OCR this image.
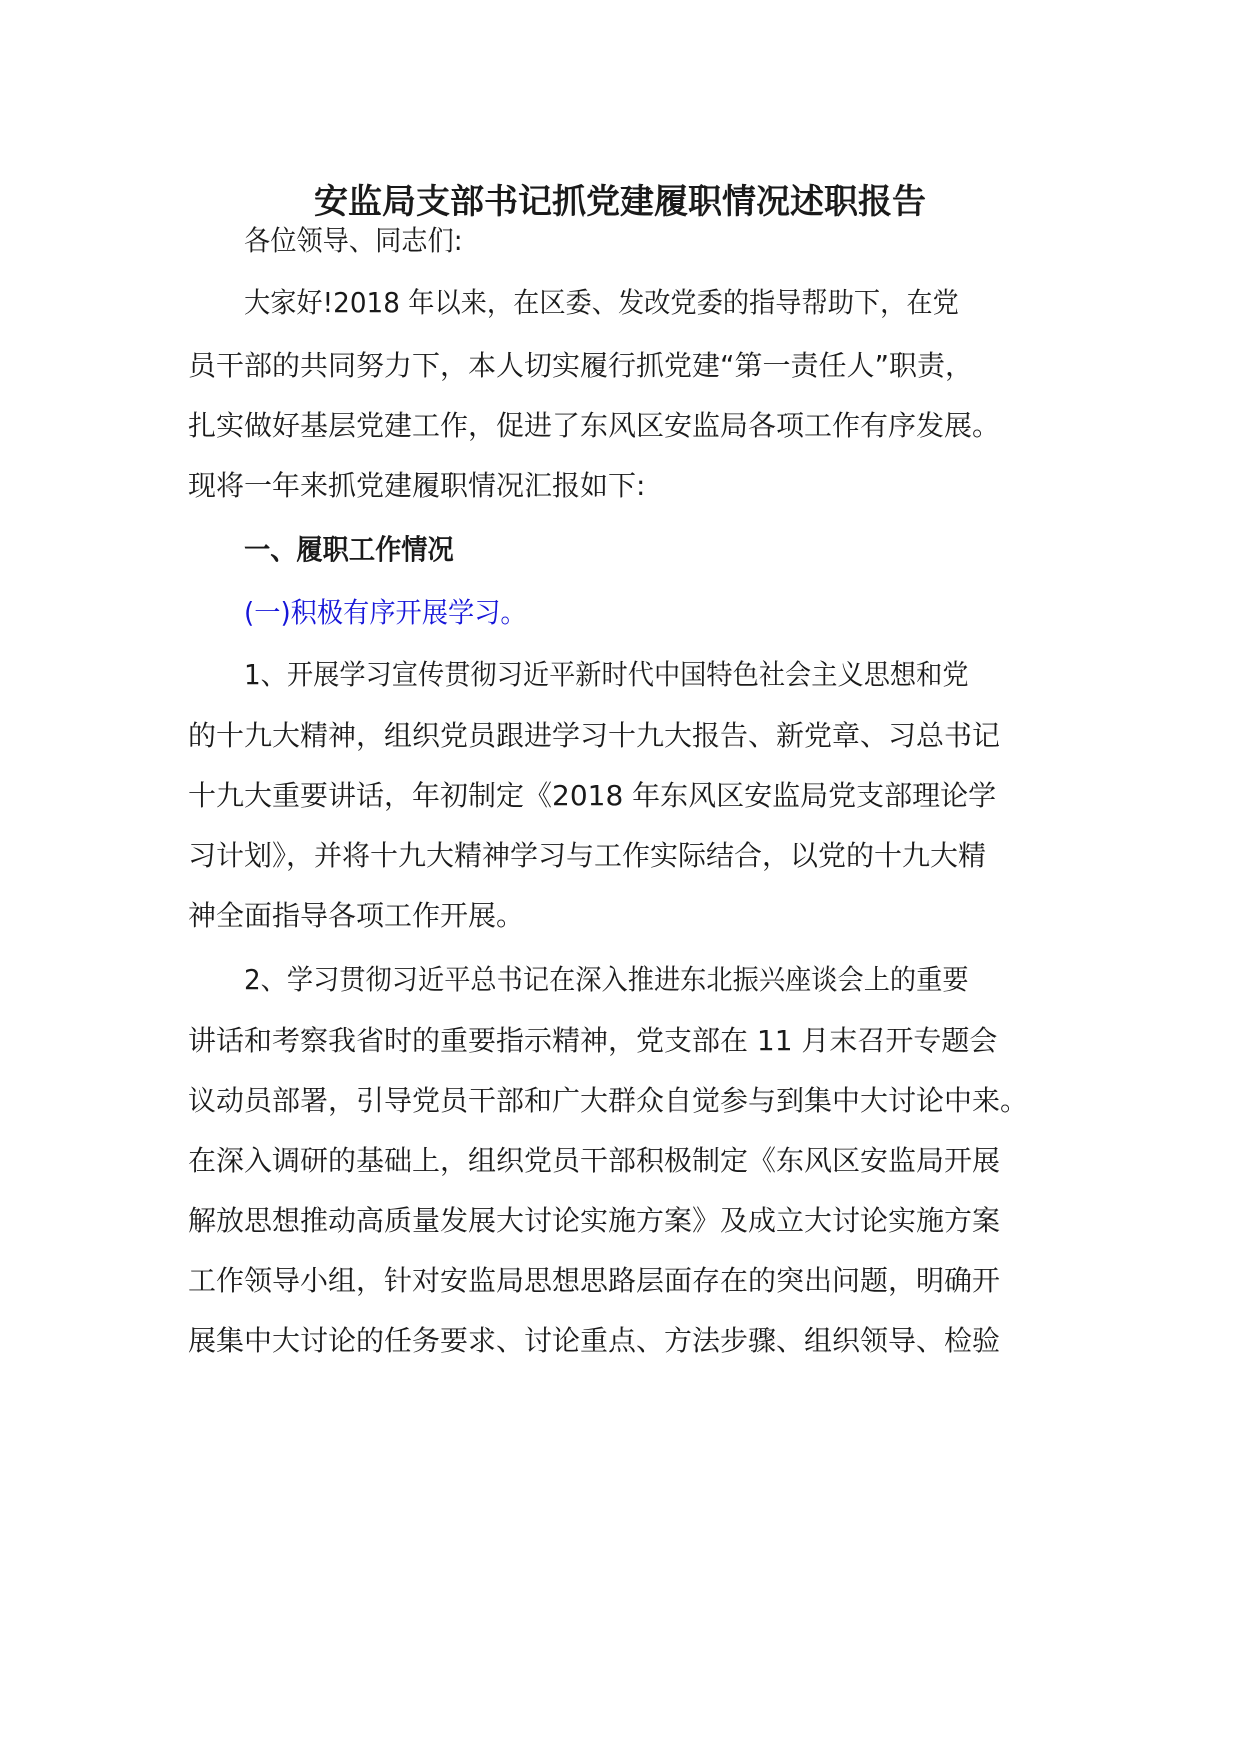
安监局支部书记抓党建履职情况述职报告

各位领导、同志们:

大家好!2018 年以来，在区委、发改党委的指导帮助下，在党

员干部的共同努力下，本人切实履行抓党建“第一责任人”职责，

扎实做好基层党建工作，促进了东风区安监局各项工作有序发展。

现将一年来抓党建履职情况汇报如下:

一、履职工作情况

(一)积极有序开展学习。

1、开展学习宣传贯彻习近平新时代中国特色社会主义思想和党

的十九大精神，组织党员跟进学习十九大报告、新党章、习总书记

十九大重要讲话，年初制定《2018 年东风区安监局党支部理论学

习计划》，并将十九大精神学习与工作实际结合，以党的十九大精

神全面指导各项工作开展。

2、学习贯彻习近平总书记在深入推进东北振兴座谈会上的重要

讲话和考察我省时的重要指示精神，党支部在 11 月末召开专题会

议动员部署，引导党员干部和广大群众自觉参与到集中大讨论中来。

在深入调研的基础上，组织党员干部积极制定《东风区安监局开展

解放思想推动高质量发展大讨论实施方案》及成立大讨论实施方案

工作领导小组，针对安监局思想思路层面存在的突出问题，明确开

展集中大讨论的任务要求、讨论重点、方法步骤、组织领导、检验
